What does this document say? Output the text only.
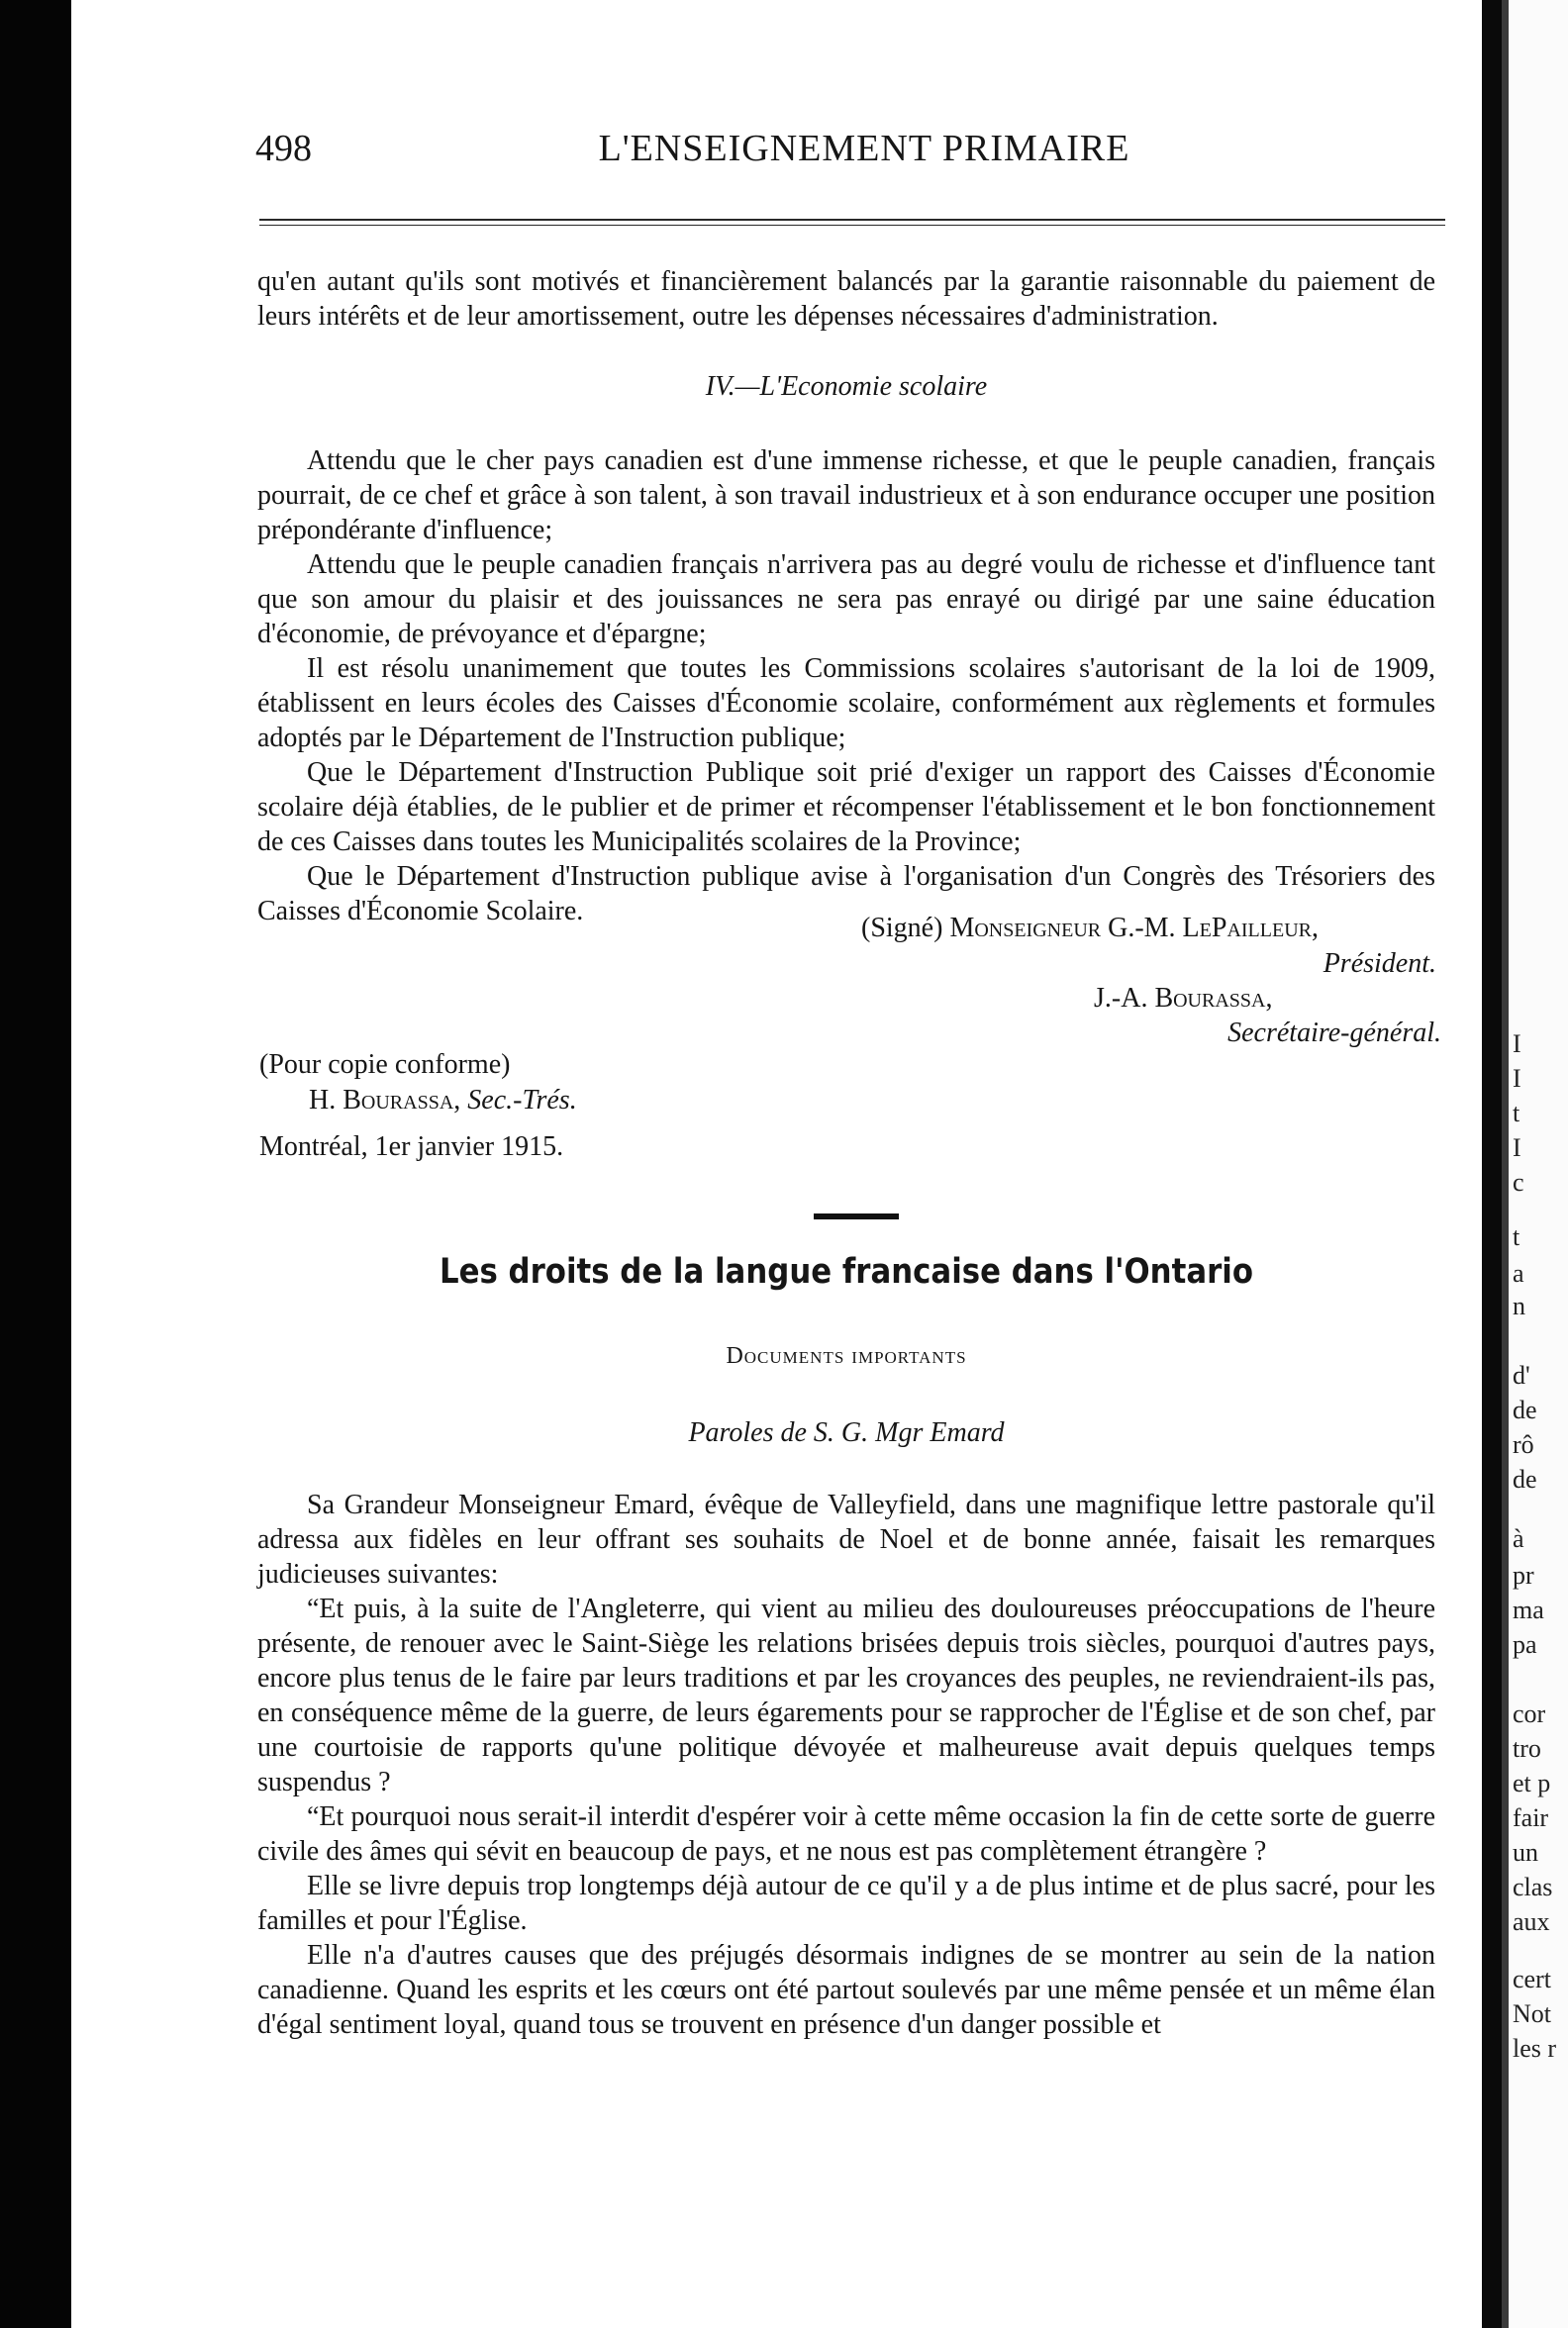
I
I
t
I
c
t
a
n
d'
de
rô
de
à
pr
ma
pa
cor
tro
et p
fair
un
clas
aux
cert
Not
les r
498	L'ENSEIGNEMENT PRIMAIRE

qu'en autant qu'ils sont motivés et financièrement balancés par la garantie raisonnable du paiement de leurs intérêts et de leur amortissement, outre les dépenses nécessaires d'administration.

IV.—L'Economie scolaire

Attendu que le cher pays canadien est d'une immense richesse, et que le peuple canadien, français pourrait, de ce chef et grâce à son talent, à son travail industrieux et à son endurance occuper une position prépondérante d'influence;

Attendu que le peuple canadien français n'arrivera pas au degré voulu de richesse et d'influence tant que son amour du plaisir et des jouissances ne sera pas enrayé ou dirigé par une saine éducation d'économie, de prévoyance et d'épargne;

Il est résolu unanimement que toutes les Commissions scolaires s'autorisant de la loi de 1909, établissent en leurs écoles des Caisses d'Économie scolaire, conformément aux règlements et formules adoptés par le Département de l'Instruction publique;

Que le Département d'Instruction Publique soit prié d'exiger un rapport des Caisses d'Économie scolaire déjà établies, de le publier et de primer et récompenser l'établissement et le bon fonctionnement de ces Caisses dans toutes les Municipalités scolaires de la Province;

Que le Département d'Instruction publique avise à l'organisation d'un Congrès des Trésoriers des Caisses d'Économie Scolaire.

(Signé) Monseigneur G.-M. LePailleur,
Président.
J.-A. Bourassa,
Secrétaire-général.
(Pour copie conforme)
H. Bourassa, Sec.-Trés.
Montréal, 1er janvier 1915.
Les droits de la langue francaise dans l'Ontario
Documents importants
Paroles de S. G. Mgr Emard

Sa Grandeur Monseigneur Emard, évêque de Valleyfield, dans une magnifique lettre pastorale qu'il adressa aux fidèles en leur offrant ses souhaits de Noel et de bonne année, faisait les remarques judicieuses suivantes:

“Et puis, à la suite de l'Angleterre, qui vient au milieu des douloureuses préoccupations de l'heure présente, de renouer avec le Saint-Siège les relations brisées depuis trois siècles, pourquoi d'autres pays, encore plus tenus de le faire par leurs traditions et par les croyances des peuples, ne reviendraient-ils pas, en conséquence même de la guerre, de leurs égarements pour se rapprocher de l'Église et de son chef, par une courtoisie de rapports qu'une politique dévoyée et malheureuse avait depuis quelques temps suspendus ?

“Et pourquoi nous serait-il interdit d'espérer voir à cette même occasion la fin de cette sorte de guerre civile des âmes qui sévit en beaucoup de pays, et ne nous est pas complètement étrangère ?

Elle se livre depuis trop longtemps déjà autour de ce qu'il y a de plus intime et de plus sacré, pour les familles et pour l'Église.

Elle n'a d'autres causes que des préjugés désormais indignes de se montrer au sein de la nation canadienne. Quand les esprits et les cœurs ont été partout soulevés par une même pensée et un même élan d'égal sentiment loyal, quand tous se trouvent en présence d'un danger possible et
